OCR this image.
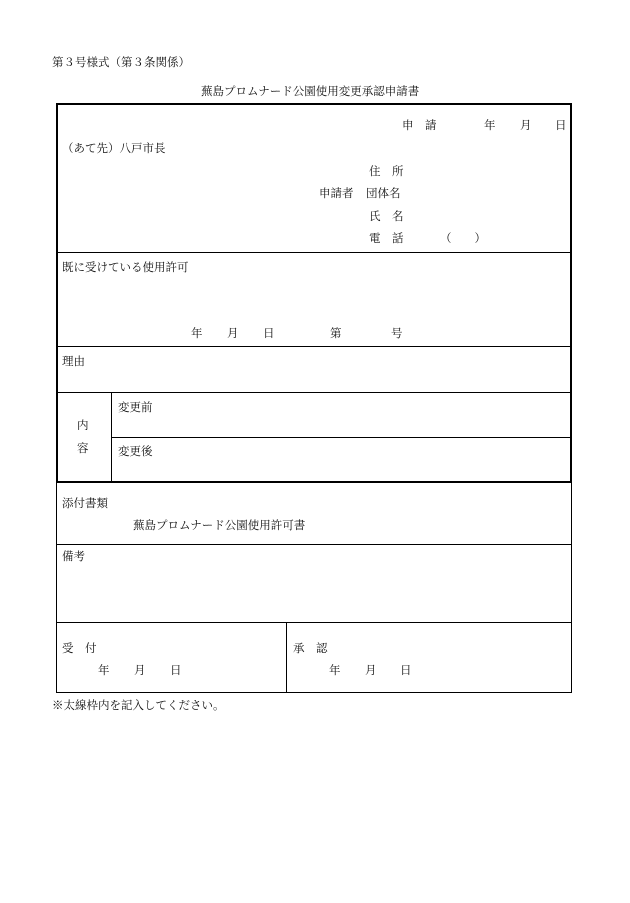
第３号様式（第３条関係）
蕪島プロムナード公園使用変更承認申請書
申　請	年 月 日
（あて先）八戸市長
住　所
申請者 団体名
氏　名
電　話	（　　）
既に受けている使用許可
年 月 日	第	号
理由
内
容
変更前
変更後
添付書類
蕪島プロムナード公園使用許可書
備考
受　付
年 月 日
承　認
年 月 日
※太線枠内を記入してください。
